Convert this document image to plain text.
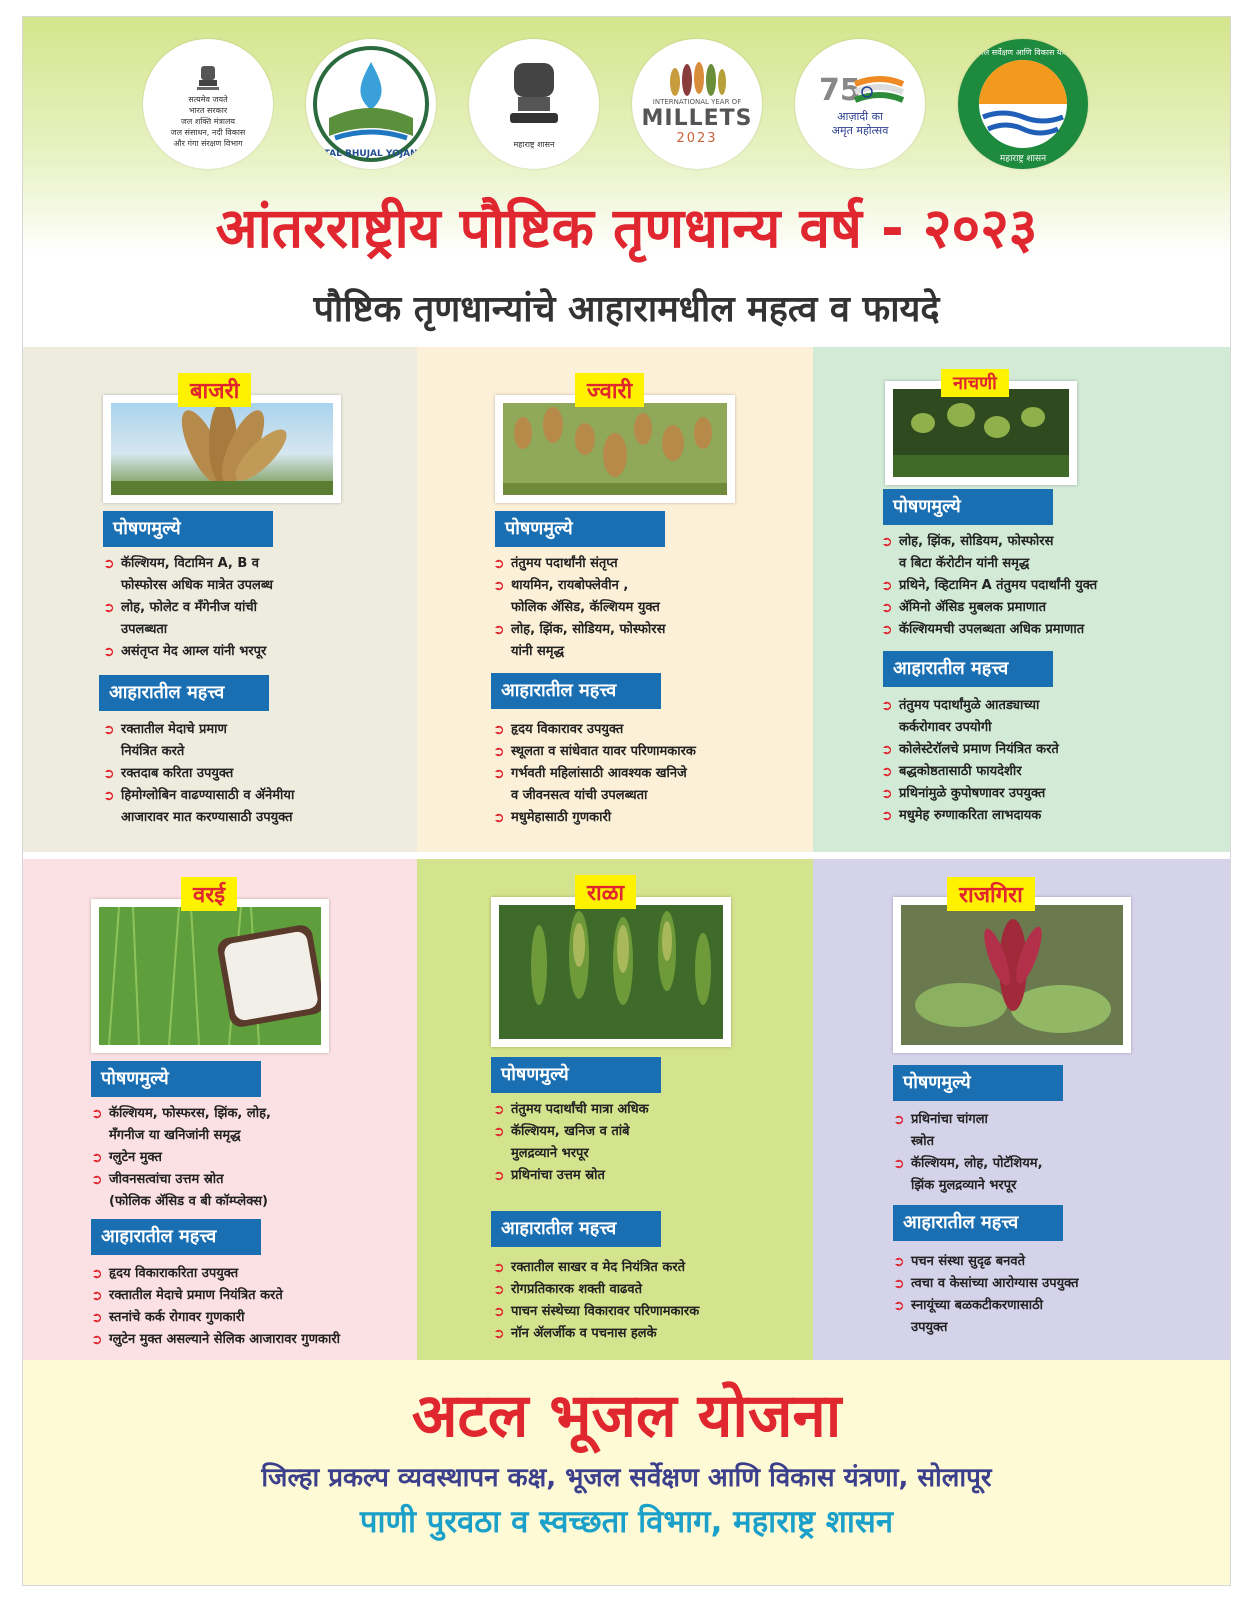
सत्यमेव जयते
भारत सरकार
जल शक्ति मंत्रालय
जल संसाधन, नदी विकास
और गंगा संरक्षण विभाग
ATAL BHUJAL YOJANA
महाराष्ट्र शासन
INTERNATIONAL YEAR OF
MILLETS
2023
75
आज़ादी का
अमृत महोत्सव
भूजल सर्वेक्षण आणि विकास यंत्रणा
महाराष्ट्र शासन
आंतरराष्ट्रीय पौष्टिक तृणधान्य वर्ष - २०२३
पौष्टिक तृणधान्यांचे आहारामधील महत्व व फायदे
बाजरी
पोषणमुल्ये
➲ कॅल्शियम, विटामिन A, B व
फोस्फोरस अधिक मात्रेत उपलब्ध
➲ लोह, फोलेट व मॅंगेनीज यांची
उपलब्धता
➲ असंतृप्त मेद आम्ल यांनी भरपूर
आहारातील महत्त्व
➲ रक्तातील मेदाचे प्रमाण
नियंत्रित करते
➲ रक्तदाब करिता उपयुक्त
➲ हिमोग्लोबिन वाढण्यासाठी व ॲनेमीया
आजारावर मात करण्यासाठी उपयुक्त
ज्वारी
पोषणमुल्ये
➲ तंतुमय पदार्थांनी संतृप्त
➲ थायमिन, रायबोफ्लेवीन ,
फोलिक ॲसिड, कॅल्शियम युक्त
➲ लोह, झिंक, सोडियम, फोस्फोरस
यांनी समृद्ध
आहारातील महत्त्व
➲ हृदय विकारावर उपयुक्त
➲ स्थूलता व सांधेवात यावर परिणामकारक
➲ गर्भवती महिलांसाठी आवश्यक खनिजे
व जीवनसत्व यांची उपलब्धता
➲ मधुमेहासाठी गुणकारी
नाचणी
पोषणमुल्ये
➲ लोह, झिंक, सोडियम, फोस्फोरस
व बिटा कॅरोटीन यांनी समृद्ध
➲ प्रथिने, व्हिटामिन A तंतुमय पदार्थांनी युक्त
➲ ॲमिनो ॲसिड मुबलक प्रमाणात
➲ कॅल्शियमची उपलब्धता अधिक प्रमाणात
आहारातील महत्त्व
➲ तंतुमय पदार्थांमुळे आतड्याच्या
कर्करोगावर उपयोगी
➲ कोलेस्टेरॉलचे प्रमाण नियंत्रित करते
➲ बद्धकोष्ठतासाठी फायदेशीर
➲ प्रथिनांमुळे कुपोषणावर उपयुक्त
➲ मधुमेह रुग्णाकरिता लाभदायक
वरई
पोषणमुल्ये
➲ कॅल्शियम, फोस्फरस, झिंक, लोह,
मॅंगनीज या खनिजांनी समृद्ध
➲ ग्लुटेन मुक्त
➲ जीवनसत्वांचा उत्तम स्रोत
(फोलिक ॲसिड व बी कॉम्प्लेक्स)
आहारातील महत्त्व
➲ हृदय विकाराकरिता उपयुक्त
➲ रक्तातील मेदाचे प्रमाण नियंत्रित करते
➲ स्तनांचे कर्क रोगावर गुणकारी
➲ ग्लुटेन मुक्त असल्याने सेलिक आजारावर गुणकारी
राळा
पोषणमुल्ये
➲ तंतुमय पदार्थांची मात्रा अधिक
➲ कॅल्शियम, खनिज व तांबे
मुलद्रव्याने भरपूर
➲ प्रथिनांचा उत्तम स्रोत
आहारातील महत्त्व
➲ रक्तातील साखर व मेद नियंत्रित करते
➲ रोगप्रतिकारक शक्ती वाढवते
➲ पाचन संस्थेच्या विकारावर परिणामकारक
➲ नॉन ॲलर्जीक व पचनास हलके
राजगिरा
पोषणमुल्ये
➲ प्रथिनांचा चांगला
स्त्रोत
➲ कॅल्शियम, लोह, पोटॅशियम,
झिंक मुलद्रव्याने भरपूर
आहारातील महत्त्व
➲ पचन संस्था सुदृढ बनवते
➲ त्वचा व केसांच्या आरोग्यास उपयुक्त
➲ स्नायूंच्या बळकटीकरणासाठी
उपयुक्त
अटल भूजल योजना
जिल्हा प्रकल्प व्यवस्थापन कक्ष, भूजल सर्वेक्षण आणि विकास यंत्रणा, सोलापूर
पाणी पुरवठा व स्वच्छता विभाग, महाराष्ट्र शासन
